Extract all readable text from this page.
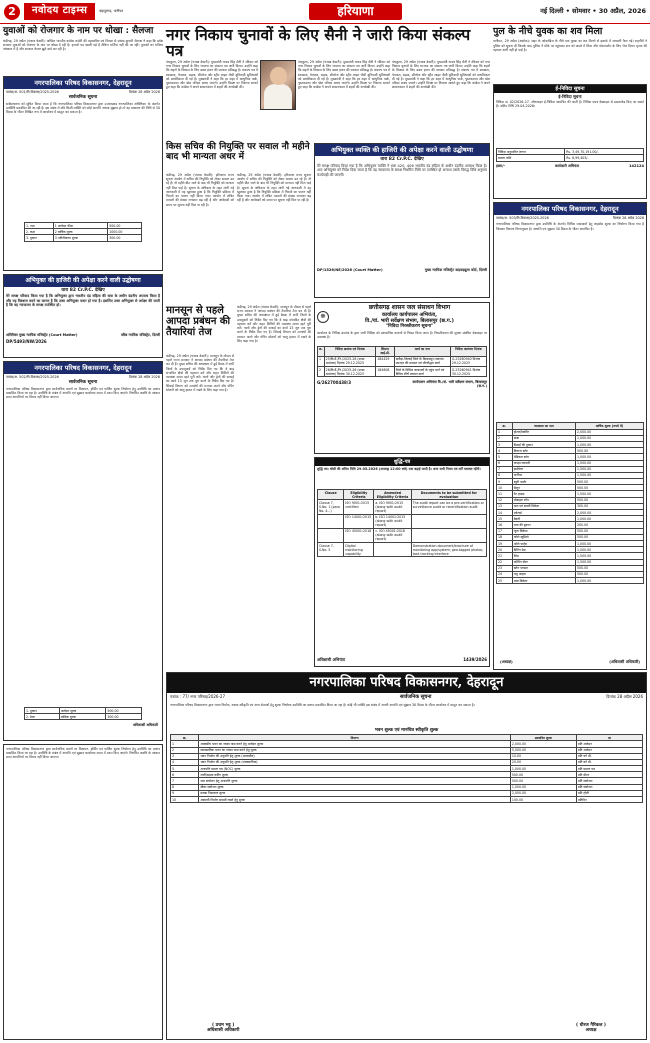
2	नवोदय टाइम्स	बहादुरगढ़, पानीपत	हरियाणा	नई दिल्ली • सोमवार • 30 अप्रैल, 2026
युवाओं को रोजगार के नाम पर धोखा : सैलजा
चंडीगढ़, 29 अप्रैल (पंजाब केसरी): अखिल भारतीय कांग्रेस कमेटी की महासचिव एवं सिरसा से सांसद कुमारी सैलजा ने कहा कि प्रदेश सरकार युवाओं को रोजगार के नाम पर धोखा दे रही है। हजारों पद खाली पड़े हैं लेकिन भर्तियां नहीं की जा रहीं। युवाओं का भविष्य अंधकार में है और सरकार केवल झूठे दावे कर रही है।
नगरपालिका परिषद विकासनगर, देहरादून
पत्रांक/अ. 501/नि.विकास/2025-2026	दिनांक 28 अप्रैल 2026
सार्वजनिक सूचना
सर्वसाधारण को सूचित किया जाता है कि नगरपालिका परिषद विकासनगर द्वारा उत्तराखण्ड नगरपालिका अधिनियम के अंतर्गत उपविधि प्रकाशित की जा रही है। इस संबंध में यदि किसी व्यक्ति को कोई आपत्ति अथवा सुझाव हो तो वह प्रकाशन की तिथि से 30 दिवस के भीतर लिखित रूप में कार्यालय में प्रस्तुत कर सकता है।
1. नाम	1 आवेदन फीस	500.00
2. कक्ष	2 वार्षिक शुल्क	1000.00
3. दुकान	3 नवीनीकरण शुल्क	300.00
अभियुक्त की हाजिरी की अपेक्षा करने वाली उद्घोषणा
धारा 82 Cr.P.C. देखिए
मेरे समक्ष परिवाद किया गया है कि अभियुक्त द्वारा भारतीय दंड संहिता की धारा के अधीन दंडनीय अपराध किया है और यह विश्वास करने का कारण है कि उक्त अभियुक्त फरार हो गया है। इसलिए उक्त अभियुक्त से अपेक्षा की जाती है कि वह न्यायालय के समक्ष उपस्थित हो।
अतिरिक्त मुख्य न्यायिक मजिस्ट्रेट (Court Matter)	वरिष्ठ न्यायिक मजिस्ट्रेट, दिल्ली
DP/5493/NW/2026
नगरपालिका परिषद विकासनगर, देहरादून
पत्रांक/अ. 502/नि.विकास/2025-2026	दिनांक 28 अप्रैल 2026
सार्वजनिक सूचना
नगरपालिका परिषद विकासनगर द्वारा सार्वजनिक स्थलों पर विज्ञापन, होर्डिंग एवं पार्किंग शुल्क निर्धारण हेतु उपविधि का प्रारूप प्रकाशित किया जा रहा है। उपविधि के संबंध में आपत्ति एवं सुझाव कार्यालय समय में प्राप्त किए जाएंगे। निर्धारित अवधि के पश्चात प्राप्त आपत्तियों पर विचार नहीं किया जाएगा।
1. दुकान	आवेदन शुल्क	500.00
2. ठेला	मासिक शुल्क	300.00
अधिशासी अधिकारी
नगर निकाय चुनावों के लिए सैनी ने जारी किया संकल्प पत्र
पंचकूला, 29 अप्रैल (पंजाब केसरी): मुख्यमंत्री नायब सिंह सैनी ने रविवार को नगर निकाय चुनावों के लिए भाजपा का संकल्प पत्र जारी किया। उन्होंने कहा कि शहरों के विकास के लिए डबल इंजन की सरकार प्रतिबद्ध है। संकल्प पत्र में स्वच्छता, पेयजल, सड़क, सीवरेज और स्ट्रीट लाइट जैसी बुनियादी सुविधाओं को प्राथमिकता दी गई है। मुख्यमंत्री ने कहा कि हर शहर में आधुनिक पार्क, पुस्तकालय और खेल परिसर बनाए जाएंगे। उन्होंने विपक्ष पर निशाना साधते हुए कहा कि कांग्रेस ने अपने शासनकाल में शहरों की अनदेखी की।
पंचकूला, 29 अप्रैल (पंजाब केसरी): मुख्यमंत्री नायब सिंह सैनी ने रविवार को नगर निकाय चुनावों के लिए भाजपा का संकल्प पत्र जारी किया। उन्होंने कहा कि शहरों के विकास के लिए डबल इंजन की सरकार प्रतिबद्ध है। संकल्प पत्र में स्वच्छता, पेयजल, सड़क, सीवरेज और स्ट्रीट लाइट जैसी बुनियादी सुविधाओं को प्राथमिकता दी गई है। मुख्यमंत्री ने कहा कि हर शहर में आधुनिक पार्क, पुस्तकालय और खेल परिसर बनाए जाएंगे। उन्होंने विपक्ष पर निशाना साधते हुए कहा कि कांग्रेस ने अपने शासनकाल में शहरों की अनदेखी की।
पंचकूला, 29 अप्रैल (पंजाब केसरी): मुख्यमंत्री नायब सिंह सैनी ने रविवार को नगर निकाय चुनावों के लिए भाजपा का संकल्प पत्र जारी किया। उन्होंने कहा कि शहरों के विकास के लिए डबल इंजन की सरकार प्रतिबद्ध है। संकल्प पत्र में स्वच्छता, पेयजल, सड़क, सीवरेज और स्ट्रीट लाइट जैसी बुनियादी सुविधाओं को प्राथमिकता दी गई है। मुख्यमंत्री ने कहा कि हर शहर में आधुनिक पार्क, पुस्तकालय और खेल परिसर बनाए जाएंगे। उन्होंने विपक्ष पर निशाना साधते हुए कहा कि कांग्रेस ने अपने शासनकाल में शहरों की अनदेखी की।
किस सचिव की नियुक्ति पर सवाल नौ महीने बाद भी मान्यता अधर में
चंडीगढ़, 29 अप्रैल (पंजाब केसरी): हरियाणा राज्य सूचना आयोग में सचिव की नियुक्ति को लेकर सवाल उठ रहे हैं। नौ महीने बीत जाने के बाद भी नियुक्ति को मान्यता नहीं मिल पाई है। सूचना के अधिकार के तहत मांगी गई जानकारी में यह खुलासा हुआ है कि नियुक्ति प्रक्रिया में नियमों का पालन नहीं किया गया। आयोग में लंबित मामलों की संख्या लगातार बढ़ रही है और आवेदकों को समय पर सूचना नहीं मिल पा रही है।
चंडीगढ़, 29 अप्रैल (पंजाब केसरी): हरियाणा राज्य सूचना आयोग में सचिव की नियुक्ति को लेकर सवाल उठ रहे हैं। नौ महीने बीत जाने के बाद भी नियुक्ति को मान्यता नहीं मिल पाई है। सूचना के अधिकार के तहत मांगी गई जानकारी में यह खुलासा हुआ है कि नियुक्ति प्रक्रिया में नियमों का पालन नहीं किया गया। आयोग में लंबित मामलों की संख्या लगातार बढ़ रही है और आवेदकों को समय पर सूचना नहीं मिल पा रही है।
अभियुक्त व्यक्ति की हाजिरी की अपेक्षा करने वाली उद्घोषणा
धारा 82 Cr.P.C. देखिए
मेरे समक्ष परिवाद किया गया है कि अभियुक्त व्यक्ति ने धारा 420, 406 भारतीय दंड संहिता के अधीन दंडनीय अपराध किया है। अतः अभियुक्त को निर्देश दिया जाता है कि वह न्यायालय के समक्ष निर्धारित तिथि पर उपस्थित हो अन्यथा उसके विरुद्ध विधि अनुसार कार्यवाही की जाएगी।
DP/1526/NE/2026 (Court Matter)	मुख्य न्यायिक मजिस्ट्रेट कड़कड़डूमा कोर्ट, दिल्ली
मानसून से पहले आपदा प्रबंधन की तैयारियां तेज
चंडीगढ़, 29 अप्रैल (पंजाब केसरी): मानसून के मौसम से पहले राज्य सरकार ने आपदा प्रबंधन की तैयारियां तेज कर दी हैं। मुख्य सचिव की अध्यक्षता में हुई बैठक में सभी जिलों के उपायुक्तों को निर्देश दिए गए कि वे बाढ़ संभावित क्षेत्रों की पहचान करें और राहत शिविरों की व्यवस्था समय रहते पूरी करें। नालों और ड्रेनों की सफाई का कार्य 15 जून तक पूरा करने के निर्देश दिए गए हैं। सिंचाई विभाग को तटबंधों की मरम्मत करने और पंपिंग स्टेशनों को चालू हालत में रखने के लिए कहा गया है।
चंडीगढ़, 29 अप्रैल (पंजाब केसरी): मानसून के मौसम से पहले राज्य सरकार ने आपदा प्रबंधन की तैयारियां तेज कर दी हैं। मुख्य सचिव की अध्यक्षता में हुई बैठक में सभी जिलों के उपायुक्तों को निर्देश दिए गए कि वे बाढ़ संभावित क्षेत्रों की पहचान करें और राहत शिविरों की व्यवस्था समय रहते पूरी करें। नालों और ड्रेनों की सफाई का कार्य 15 जून तक पूरा करने के निर्देश दिए गए हैं। सिंचाई विभाग को तटबंधों की मरम्मत करने और पंपिंग स्टेशनों को चालू हालत में रखने के लिए कहा गया है।
☸
छत्तीसगढ़ शासन जल संसाधन विभाग
कार्यालय कार्यपालन अभियंता,
वि./यां. भारी सर्वेक्षण संभाग, बिलासपुर (छ.ग.)
"निविदा निरस्तीकरण सूचना"
कार्यालय के निविदा क्रमांक के द्वारा जारी निविदा को प्रशासनिक कारणों से निरस्त किया जाता है। निरस्तीकरण की सूचना संबंधित वेबसाइट पर उपलब्ध है।
क्र.	निविदा क्रमांक एवं दिनांक	सिस्टम आई.डी.	कार्य का नाम	निविदा आमंत्रण दिनांक
1	25/वि.मैं./नि./2025-26 (प्रथम आमंत्रण) दिनांक 29.12.2025	184429	बलौदा-जिलाई जिले के बिलासपुर-नवागांव उपनहर की मरम्मत एवं जीर्णोद्धार कार्य	G-25260940 दिनांक 29.12.2025
2	26/वि.मैं./नि./2025-26 (प्रथम आमंत्रण) दिनांक 30.12.2025	184608	जिले के विभिन्न जलाशयों के पहुंच मार्ग एवं विविध शीर्ष मरम्मत कार्य	G-25260941 दिनांक 30.12.2025
G/262700438/3	कार्यपालन अभियंता वि./यां. भारी सर्वेक्षण संभाग, बिलासपुर (छ.ग.)
शुद्धि-पत्र
शुद्धि पत्र: बोली की अंतिम तिथि 29.05.2026 (अपराह्न 12:00 बजे) तक बढ़ाई जाती है। अन्य सभी नियम एवं शर्तें यथावत रहेंगी।
Clause	Eligibility Criteria	Amended Eligibility Criteria	Documents to be submitted for evaluation
Clause 7, S.No. 1 (para No. 4...)	ISO 9001:2015 certified	a. ISO 9001:2015 (along with audit report)	The audit report can be a pre-certification or surveillance audit or recertification audit
	ISO 14001:2015	b. ISO 14001:2015 (along with audit report)	
	ISO 45001:2018	c. ISO 45001:2018 (along with audit report)	
Clause 7, S.No. 5	Digital monitoring capability		Demonstration document/brochure of monitoring app/system; geo-tagged photos; task tracking interface
अधिशासी अभियंता	1439/2026
पुल के नीचे युवक का शव मिला
पानीपत, 29 अप्रैल (अशोक): शहर के ओवरब्रिज के नीचे एक युवक का शव मिलने से इलाके में सनसनी फैल गई। राहगीरों ने पुलिस को सूचना दी जिसके बाद पुलिस ने मौके पर पहुंचकर शव को कब्जे में लिया और पोस्टमार्टम के लिए भेज दिया। मृतक की पहचान अभी नहीं हो पाई है।
ई-निविदा सूचना
ई-निविदा सूचना
निविदा सं. 02/2026-27. ऑनलाइन ई-निविदा आमंत्रित की जाती है। निविदा प्रपत्र वेबसाइट से डाउनलोड किए जा सकते हैं। अंतिम तिथि 29.04.2026।
निविदा अनुमानित लागत	Rs. 3,49,70,191.00/-
बयाना राशि	Rs. 6,99,403/-
हस्ता/-	कार्यकारी अभियंता	142124
नगरपालिका परिषद विकासनगर, देहरादून
पत्रांक/अ. 503/नि.विकास/2025-2026	दिनांक 28 अप्रैल 2026
नगरपालिका परिषद विकासनगर द्वारा उपविधि के अंतर्गत विभिन्न व्यवसायों हेतु लाइसेंस शुल्क का निर्धारण किया गया है जिसका विवरण निम्नानुसार है। आपत्ति एवं सुझाव 30 दिवस के भीतर आमंत्रित हैं।
क्र.	व्यवसाय का नाम	वार्षिक शुल्क (रुपये में)
1	होटल/रेस्टोरेंट	2,000.00
2	ढाबा	1,000.00
3	मिठाई की दुकान	1,000.00
4	किराना स्टोर	500.00
5	मेडिकल स्टोर	1,000.00
6	कपड़ा व्यापारी	1,000.00
7	हार्डवेयर	1,500.00
8	फर्नीचर	1,500.00
9	ब्यूटी पार्लर	500.00
10	सैलून	500.00
11	टेंट हाउस	1,500.00
12	मोबाइल शॉप	500.00
13	फल एवं सब्जी विक्रेता	300.00
14	ज्वेलर्स	2,000.00
15	बेकरी	1,000.00
16	चाय की दुकान	200.00
17	जूता विक्रेता	500.00
18	फोटो स्टूडियो	500.00
19	ऑटो पार्ट्स	1,000.00
20	प्रिंटिंग प्रेस	1,000.00
21	जिम	1,500.00
22	कोचिंग सेंटर	1,500.00
23	बर्तन भण्डार	500.00
24	पशु आहार	500.00
25	मांस विक्रेता	1,000.00
(अध्यक्ष)	(अधिशासी अधिकारी)
नगरपालिका परिषद विकासनगर, देहरादून
पत्रांक : 77/ नगर परिषद/2026-27	सार्वजनिक सूचना	दिनांक 28 अप्रैल 2026
नगरपालिका परिषद विकासनगर द्वारा भवन निर्माण, नक्शा स्वीकृति एवं अन्य सेवाओं हेतु शुल्क निर्धारण उपविधि का प्रारूप प्रकाशित किया जा रहा है। कोई भी व्यक्ति इस संबंध में अपनी आपत्ति एवं सुझाव 30 दिवस के भीतर कार्यालय में प्रस्तुत कर सकता है।
भवन शुल्क एवं मानचित्र स्वीकृति शुल्क
क्र.	विवरण	प्रस्तावित शुल्क	दर
1	आवासीय भवन का नक्शा पास करने हेतु आवेदन शुल्क	2,000.00	प्रति आवेदन
2	व्यावसायिक भवन का नक्शा पास करने हेतु शुल्क	5,000.00	प्रति आवेदन
3	भवन निर्माण की अनुमति हेतु शुल्क (आवासीय)	10.00	प्रति वर्ग मी.
4	भवन निर्माण की अनुमति हेतु शुल्क (व्यावसायिक)	20.00	प्रति वर्ग मी.
5	अनापत्ति प्रमाण पत्र (NOC) शुल्क	1,000.00	प्रति प्रमाण पत्र
6	नाली/सड़क कटिंग शुल्क	500.00	प्रति मीटर
7	जल संयोजन हेतु अनापत्ति शुल्क	500.00	प्रति संयोजन
8	सीवर संयोजन शुल्क	1,000.00	प्रति संयोजन
9	मलबा निस्तारण शुल्क	2,000.00	प्रति ट्रॉली
10	अस्थायी निर्माण सामग्री रखने हेतु शुल्क	100.00	प्रतिदिन
( प्रथम भट्ट )
अधिशासी अधिकारी
( धीरज गैरिकल )
अध्यक्ष
नगरपालिका परिषद विकासनगर द्वारा सार्वजनिक स्थलों पर विज्ञापन, होर्डिंग एवं पार्किंग शुल्क निर्धारण हेतु उपविधि का प्रारूप प्रकाशित किया जा रहा है। उपविधि के संबंध में आपत्ति एवं सुझाव कार्यालय समय में प्राप्त किए जाएंगे। निर्धारित अवधि के पश्चात प्राप्त आपत्तियों पर विचार नहीं किया जाएगा।
